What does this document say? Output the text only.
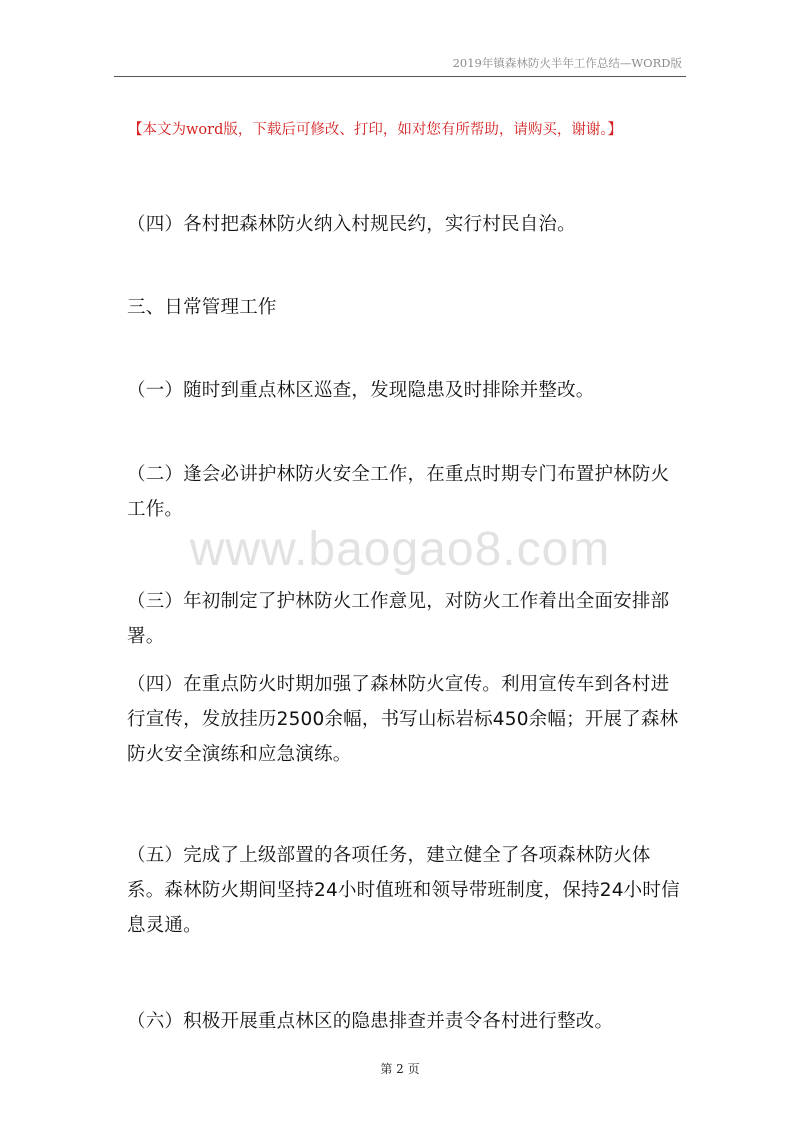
2019年镇森林防火半年工作总结—WORD版
【本文为word版，下载后可修改、打印，如对您有所帮助，请购买，谢谢。】

（四）各村把森林防火纳入村规民约，实行村民自治。

三、日常管理工作

（一）随时到重点林区巡查，发现隐患及时排除并整改。

（二）逢会必讲护林防火安全工作，在重点时期专门布置护林防火工作。

（三）年初制定了护林防火工作意见，对防火工作着出全面安排部署。

（四）在重点防火时期加强了森林防火宣传。利用宣传车到各村进行宣传，发放挂历2500余幅，书写山标岩标450余幅；开展了森林防火安全演练和应急演练。

（五）完成了上级部置的各项任务，建立健全了各项森林防火体系。森林防火期间坚持24小时值班和领导带班制度，保持24小时信息灵通。

（六）积极开展重点林区的隐患排查并责令各村进行整改。

www.baogao8.com
第 2 页
